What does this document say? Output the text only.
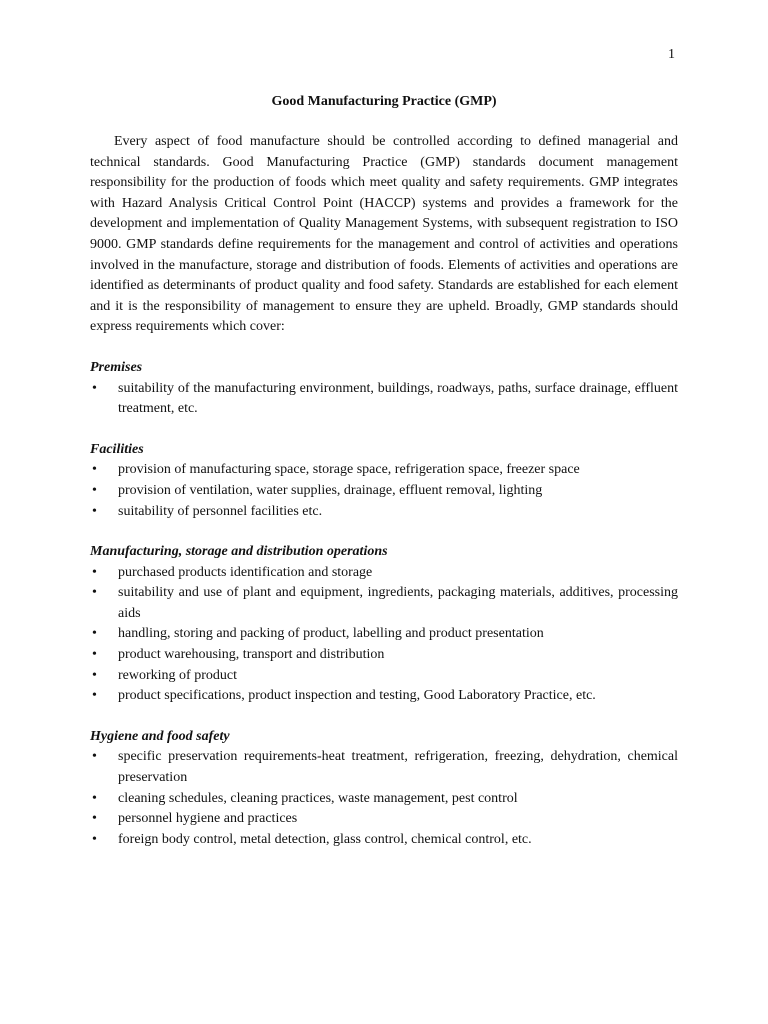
1
Good Manufacturing Practice (GMP)

Every aspect of food manufacture should be controlled according to defined managerial and technical standards. Good Manufacturing Practice (GMP) standards document management responsibility for the production of foods which meet quality and safety requirements. GMP integrates with Hazard Analysis Critical Control Point (HACCP) systems and provides a framework for the development and implementation of Quality Management Systems, with subsequent registration to ISO 9000. GMP standards define requirements for the management and control of activities and operations involved in the manufacture, storage and distribution of foods. Elements of activities and operations are identified as determinants of product quality and food safety. Standards are established for each element and it is the responsibility of management to ensure they are upheld. Broadly, GMP standards should express requirements which cover:

Premises
• suitability of the manufacturing environment, buildings, roadways, paths, surface drainage, effluent treatment, etc.
Facilities
• provision of manufacturing space, storage space, refrigeration space, freezer space
• provision of ventilation, water supplies, drainage, effluent removal, lighting
• suitability of personnel facilities etc.
Manufacturing, storage and distribution operations
• purchased products identification and storage
• suitability and use of plant and equipment, ingredients, packaging materials, additives, processing aids
• handling, storing and packing of product, labelling and product presentation
• product warehousing, transport and distribution
• reworking of product
• product specifications, product inspection and testing, Good Laboratory Practice, etc.
Hygiene and food safety
• specific preservation requirements-heat treatment, refrigeration, freezing, dehydration, chemical preservation
• cleaning schedules, cleaning practices, waste management, pest control
• personnel hygiene and practices
• foreign body control, metal detection, glass control, chemical control, etc.
